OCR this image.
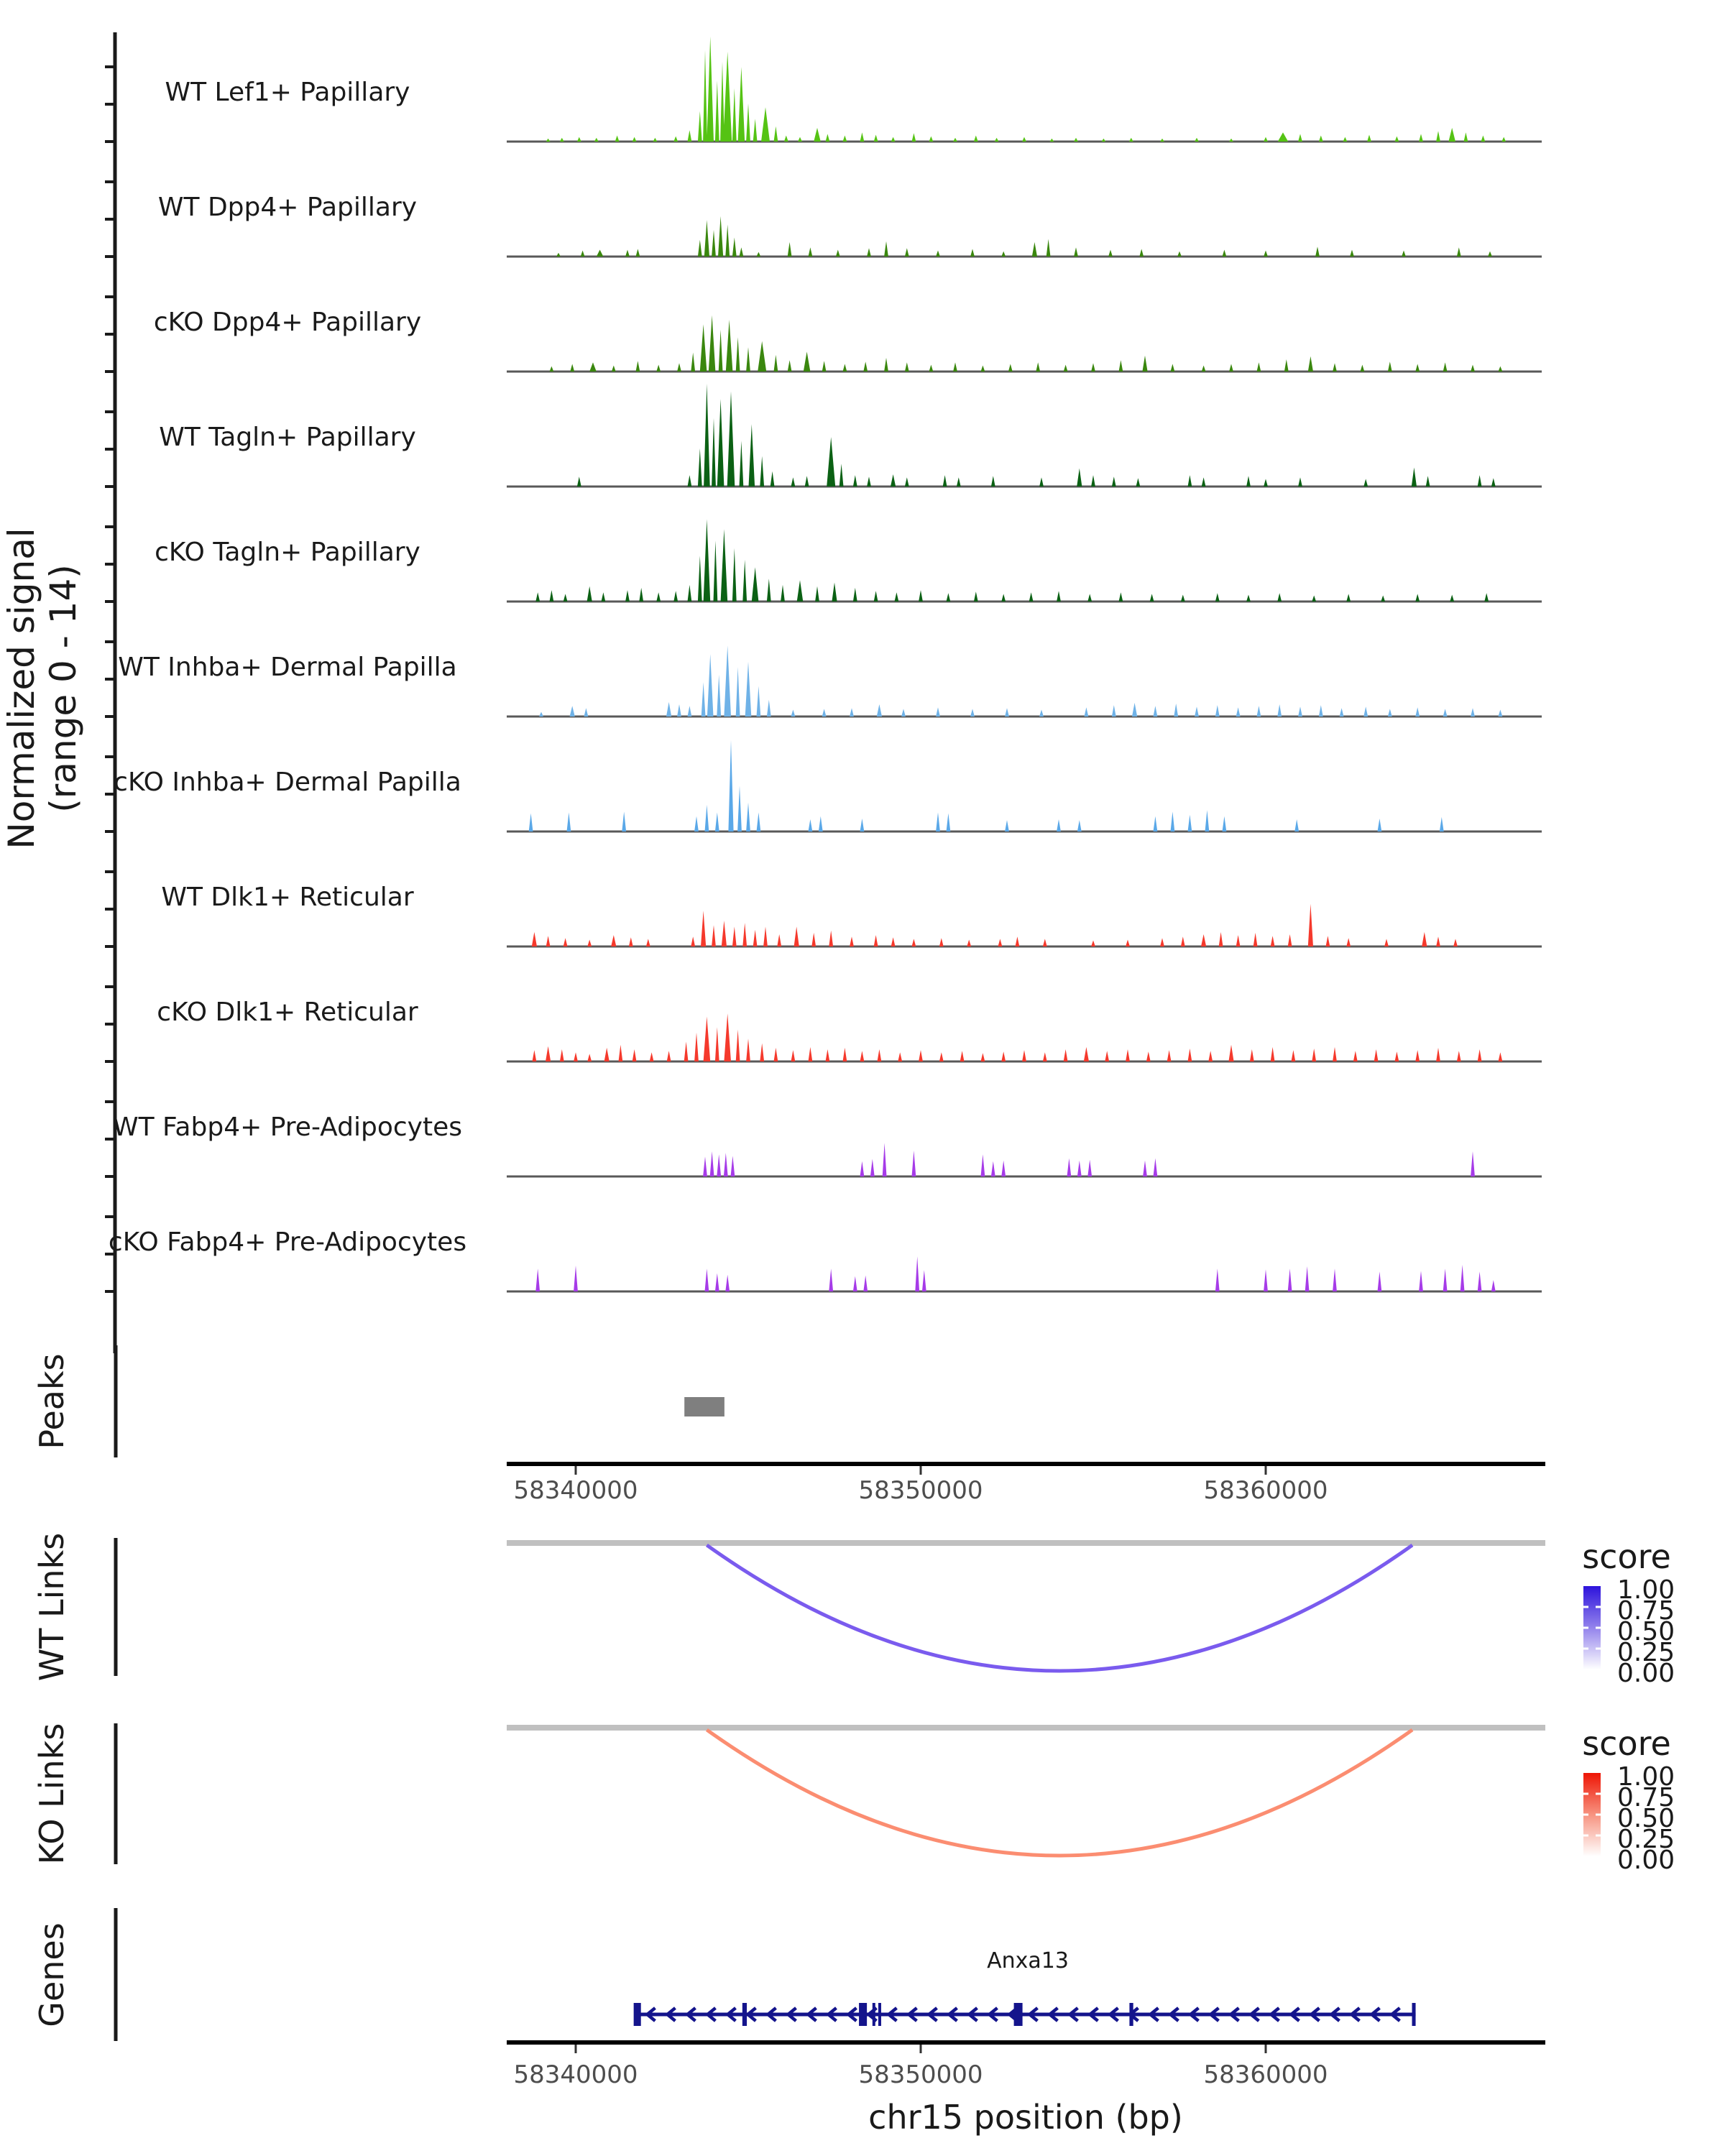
WT Lef1+ Papillary
WT Dpp4+ Papillary
cKO Dpp4+ Papillary
WT Tagln+ Papillary
cKO Tagln+ Papillary
WT Inhba+ Dermal Papilla
cKO Inhba+ Dermal Papilla
WT Dlk1+ Reticular
cKO Dlk1+ Reticular
WT Fabp4+ Pre-Adipocytes
cKO Fabp4+ Pre-Adipocytes
58340000	58350000	58360000
58340000	58350000	58360000
1.00
0.75
0.50
0.25
0.00
1.00
0.75
0.50
0.25
0.00
Normalized signal (range 0 - 14)
Peaks
WT Links
KO Links
Genes
score
score
Anxa13
chr15 position (bp)
